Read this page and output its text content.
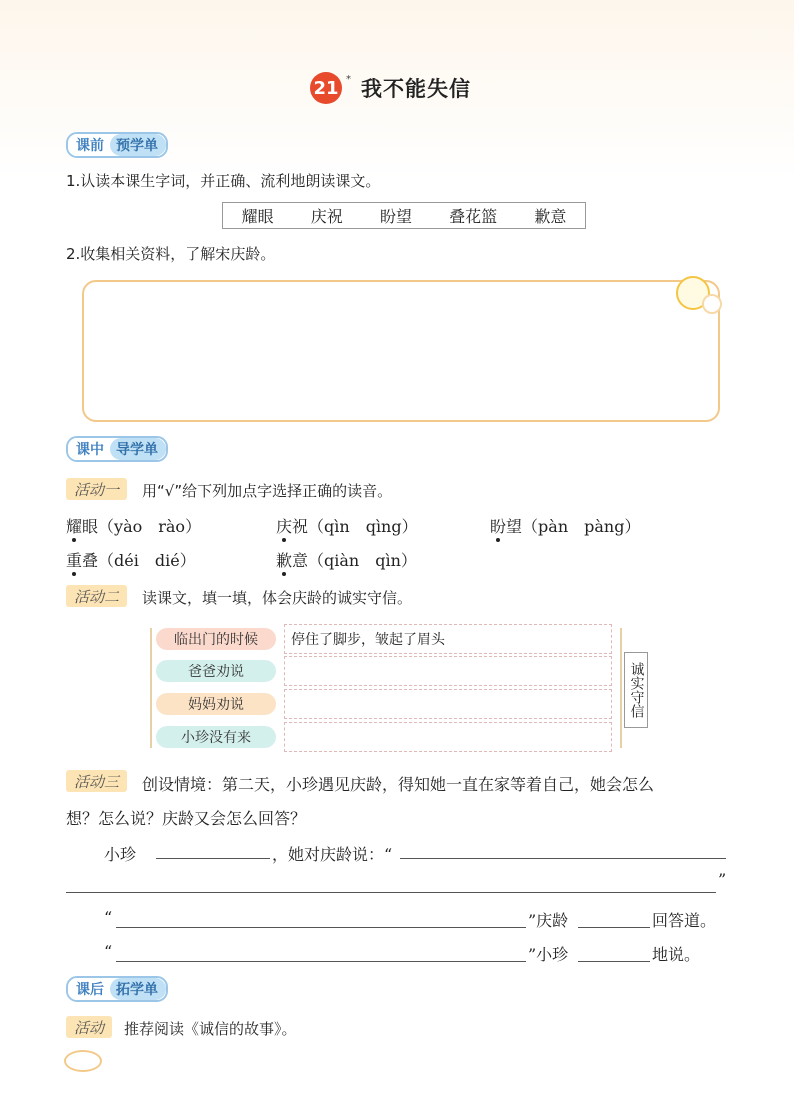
21 * 我不能失信
课前 预学单
1.认读本课生字词，并正确、流利地朗读课文。
耀眼 庆祝 盼望 叠花篮 歉意
2.收集相关资料，了解宋庆龄。
课中 导学单
活动一	用“√”给下列加点字选择正确的读音。
耀眼（yào　rào）	庆祝（qìn　qìng）	盼望（pàn　pàng）
重叠（déi　dié）	歉意（qiàn　qìn）
活动二	读课文，填一填，体会庆龄的诚实守信。
临出门的时候	停住了脚步，皱起了眉头
爸爸劝说
妈妈劝说
小珍没有来
诚实守信
活动三	创设情境：第二天，小珍遇见庆龄，得知她一直在家等着自己，她会怎么
想？怎么说？庆龄又会怎么回答？
小珍	，她对庆龄说：“
”
“	”庆龄	回答道。
“	”小珍	地说。
课后 拓学单
活动	推荐阅读《诚信的故事》。
